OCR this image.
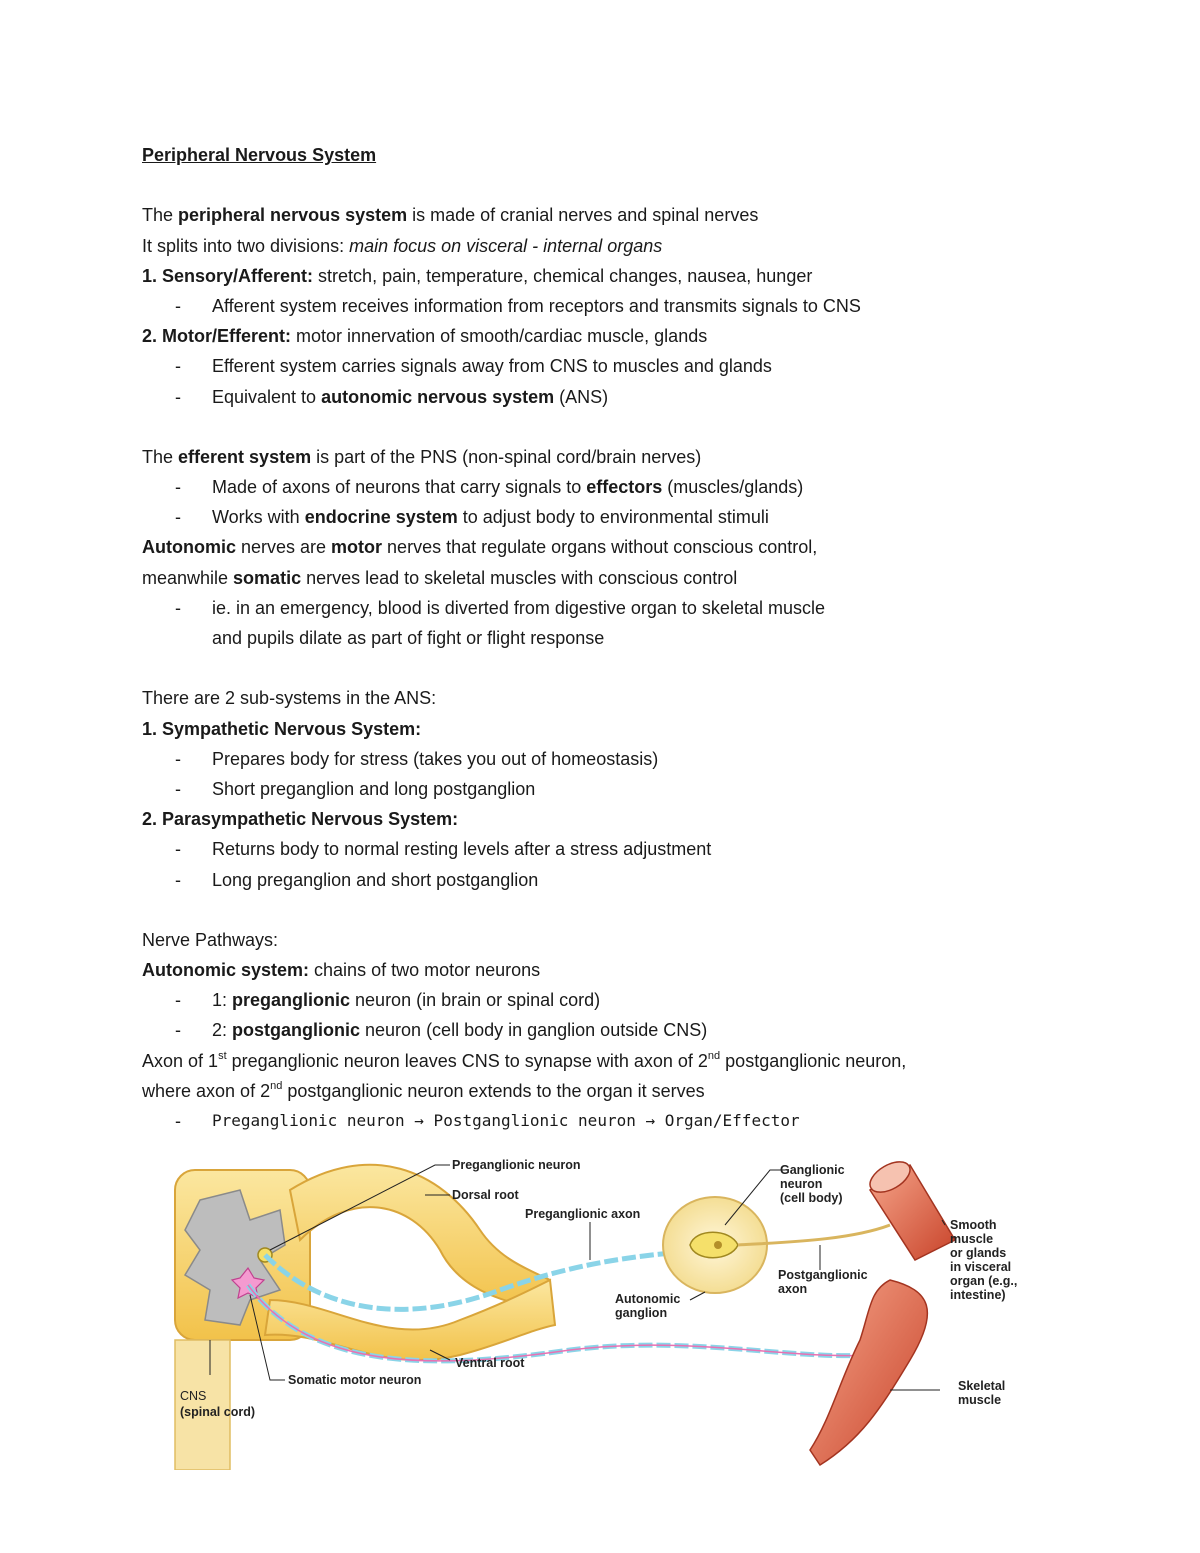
Peripheral Nervous System
The peripheral nervous system is made of cranial nerves and spinal nerves
It splits into two divisions: main focus on visceral - internal organs
1. Sensory/Afferent: stretch, pain, temperature, chemical changes, nausea, hunger
- Afferent system receives information from receptors and transmits signals to CNS
2. Motor/Efferent: motor innervation of smooth/cardiac muscle, glands
- Efferent system carries signals away from CNS to muscles and glands
- Equivalent to autonomic nervous system (ANS)
The efferent system is part of the PNS (non-spinal cord/brain nerves)
- Made of axons of neurons that carry signals to effectors (muscles/glands)
- Works with endocrine system to adjust body to environmental stimuli
Autonomic nerves are motor nerves that regulate organs without conscious control,
meanwhile somatic nerves lead to skeletal muscles with conscious control
- ie. in an emergency, blood is diverted from digestive organ to skeletal muscle
and pupils dilate as part of fight or flight response
There are 2 sub-systems in the ANS:
1. Sympathetic Nervous System:
- Prepares body for stress (takes you out of homeostasis)
- Short preganglion and long postganglion
2. Parasympathetic Nervous System:
- Returns body to normal resting levels after a stress adjustment
- Long preganglion and short postganglion
Nerve Pathways:
Autonomic system: chains of two motor neurons
- 1: preganglionic neuron (in brain or spinal cord)
- 2: postganglionic neuron (cell body in ganglion outside CNS)
Axon of 1st preganglionic neuron leaves CNS to synapse with axon of 2nd postganglionic neuron,
where axon of 2nd postganglionic neuron extends to the organ it serves
- Preganglionic neuron → Postganglionic neuron → Organ/Effector
Preganglionic neuron
Dorsal root
Preganglionic axon
Ganglionic
neuron
(cell body)
Smooth
muscle
or glands
in visceral
organ (e.g.,
intestine)
Postganglionic
axon
Autonomic
ganglion
Ventral root
Somatic motor neuron
CNS
(spinal cord)
Skeletal
muscle
